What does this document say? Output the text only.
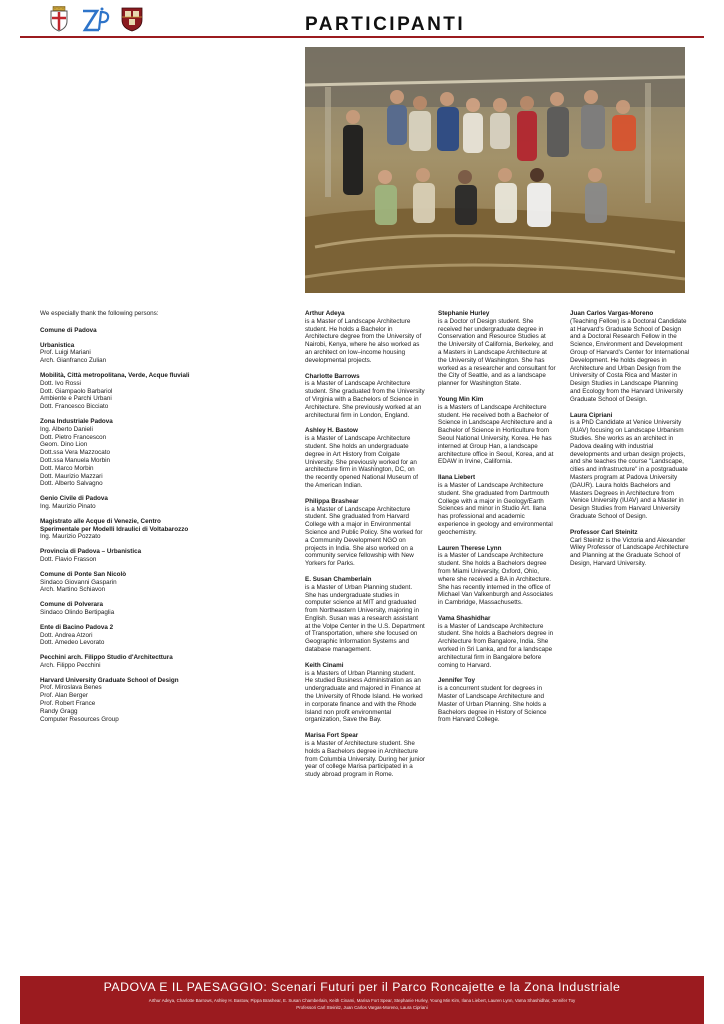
PARTICIPANTI
We especially thank the following persons:
Comune di Padova
Urbanistica
Prof. Luigi Mariani
Arch. Gianfranco Zulian
Mobilità, Città metropolitana, Verde, Acque fluviali
Dott. Ivo Rossi
Dott. Giampaolo Barbariol
Ambiente e Parchi Urbani
Dott. Francesco Bicciato
Zona Industriale Padova
Ing. Alberto Danieli
Dott. Pietro Francescon
Geom. Dino Lion
Dott.ssa Vera Mazzocato
Dott.ssa Manuela Morbin
Dott. Marco Morbin
Dott. Maurizio Mazzari
Dott. Alberto Salvagno
Genio Civile di Padova
Ing. Maurizio Pinato
Magistrato alle Acque di Venezie, Centro Sperimentale per Modelli Idraulici di Voltabarozzo
Ing. Maurizio Pozzato
Provincia di Padova – Urbanistica
Dott. Flavio Frasson
Comune di Ponte San Nicolò
Sindaco Giovanni Gasparin
Arch. Martino Schiavon
Comune di Polverara
Sindaco Olindo Bertipaglia
Ente di Bacino Padova 2
Dott. Andrea Atzori
Dott. Amedeo Levorato
Pecchini arch. Filippo Studio d'Architecttura
Arch. Filippo Pecchini
Harvard University Graduate School of Design
Prof. Miroslava Benes
Prof. Alan Berger
Prof. Robert France
Randy Gragg
Computer Resources Group
Arthur Adeya
is a Master of Landscape Architecture student. He holds a Bachelor in Architecture degree from the University of Nairobi, Kenya, where he also worked as an architect on low–income housing developmental projects.
Charlotte Barrows
is a Master of Landscape Architecture student. She graduated from the University of Virginia with a Bachelors of Science in Architecture. She previously worked at an architectural firm in London, England.
Ashley H. Bastow
is a Master of Landscape Architecture student. She holds an undergraduate degree in Art History from Colgate University. She previously worked for an architecture firm in Washington, DC, on the recently opened National Museum of the American Indian.
Philippa Brashear
is a Master of Landscape Architecture student. She graduated from Harvard College with a major in Environmental Science and Public Policy. She worked for a Community Development NGO on projects in India. She also worked on a community service fellowship with New Yorkers for Parks.
E. Susan Chamberlain
is a Master of Urban Planning student. She has undergraduate studies in computer science at MIT and graduated from Northeastern University, majoring in English. Susan was a research assistant at the Volpe Center in the U.S. Department of Transportation, where she focused on Geographic Information Systems and database management.
Keith Cinami
is a Masters of Urban Planning student. He studied Business Administration as an undergraduate and majored in Finance at the University of Rhode Island. He worked in corporate finance and with the Rhode Island non profit environmental organization, Save the Bay.
Marisa Fort Spear
is a Master of Architecture student. She holds a Bachelors degree in Architecture from Columbia University. During her junior year of college Marisa participated in a study abroad program in Rome.
Stephanie Hurley
is a Doctor of Design student. She received her undergraduate degree in Conservation and Resource Studies at the University of California, Berkeley, and a Masters in Landscape Architecture at the University of Washington. She has worked as a researcher and consultant for the City of Seattle, and as a landscape planner for Washington State.
Young Min Kim
is a Masters of Landscape Architecture student. He received both a Bachelor of Science in Landscape Architecture and a Bachelor of Science in Horticulture from Seoul National University, Korea. He has interned at Group Han, a landscape architecture office in Seoul, Korea, and at EDAW in Irvine, California.
Ilana Liebert
is a Master of Landscape Architecture student. She graduated from Dartmouth College with a major in Geology/Earth Sciences and minor in Studio Art. Ilana has professional and academic experience in geology and environmental geochemistry.
Lauren Therese Lynn
is a Master of Landscape Architecture student. She holds a Bachelors degree from Miami University, Oxford, Ohio, where she received a BA in Architecture. She has recently interned in the office of Michael Van Valkenburgh and Associates in Cambridge, Massachusetts.
Vama Shashidhar
is a Master of Landscape Architecture student. She holds a Bachelors degree in Architecture from Bangalore, India. She worked in Sri Lanka, and for a landscape architectural firm in Bangalore before coming to Harvard.
Jennifer Toy
is a concurrent student for degrees in Master of Landscape Architecture and Master of Urban Planning. She holds a Bachelors degree in History of Science from Harvard College.
Juan Carlos Vargas-Moreno
(Teaching Fellow) is a Doctoral Candidate at Harvard's Graduate School of Design and a Doctoral Research Fellow in the Science, Environment and Development Group of Harvard's Center for International Development. He holds degrees in Architecture and Urban Design from the University of Costa Rica and Master in Design Studies in Landscape Planning and Ecology from the Harvard University Graduate School of Design.
Laura Cipriani
is a PhD Candidate at Venice University (IUAV) focusing on Landscape Urbanism Studies. She works as an architect in Padova dealing with industrial developments and urban design projects, and she teaches the course "Landscape, cities and infrastructure" in a postgraduate Masters program at Padova University (DAUR). Laura holds Bachelors and Masters Degrees in Architecture from Venice University (IUAV) and a Master in Design Studies from Harvard University Graduate School of Design.
Professor Carl Steinitz
Carl Steinitz is the Victoria and Alexander Wiley Professor of Landscape Architecture and Planning at the Graduate School of Design, Harvard University.
PADOVA E IL PAESAGGIO: Scenari Futuri per il Parco Roncajette e la Zona Industriale
Arthur Adeya, Charlotte Barrows, Ashley H. Bastow, Pippa Brashear, E. Susan Chamberlain, Keith Cinami, Marisa Fort Spear, Stephanie Hurley, Young Min Kim, Ilana Liebert, Lauren Lynn, Vama Shashidhar, Jennifer Toy
Professori Carl Steinitz, Juan Carlos Vargas-Moreno, Laura Cipriani
